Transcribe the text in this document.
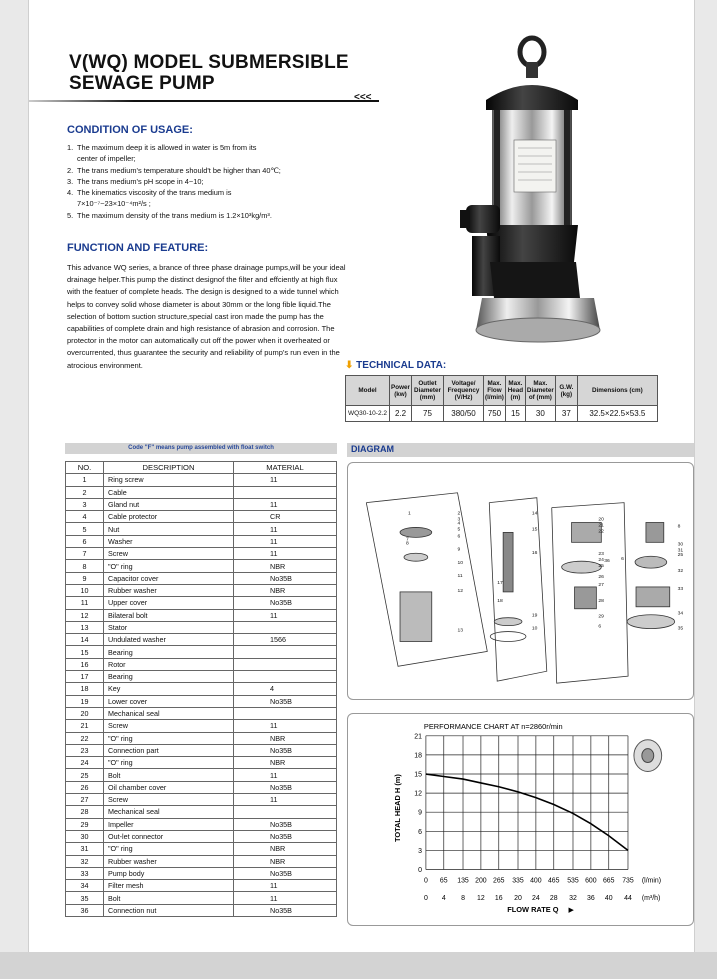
V(WQ) MODEL SUBMERSIBLE
SEWAGE PUMP
<<<
CONDITION OF USAGE:
1. The maximum deep it is allowed in water is 5m from its
center of impeller;
2. The trans medium's temperature should't be higher than 40℃;
3. The trans medium's pH scope in 4~10;
4. The kinematics viscosity of the trans medium is
7×10⁻⁷~23×10⁻⁴m²/s ;
5. The maximum density of the trans medium is 1.2×10³kg/m³.
FUNCTION AND FEATURE:

This advance WQ series, a brance of three phase drainage pumps,will be your ideal drainage helper.This pump the distinct designof the filter and effciently at high flux with the featuer of complete heads. The design is designed to a wide tunnel which helps to convey solid whose diameter is about 30mm or the long fible liquid.The selection of bottom suction structure,special cast iron made the pump has the capabilities of complete drain and high resistance of abrasion and corrosion. The protector in the motor can automatically cut off the power when it overheated or overcurrented, thus guarantee the security and reliability of pump's run even in the atrocious environment.	⬇ TECHNICAL DATA:
Model	Power (kw)	Outlet Diameter (mm)	Voltage/ Frequency (V/Hz)	Max. Flow (l/min)	Max. Head (m)	Max. Diameter of (mm)	G.W. (kg)	Dimensions (cm)
WQ30-10-2.2	2.2	75	380/50	750	15	30	37	32.5×22.5×53.5
Code "F" means pump assembled with float switch
NO.	DESCRIPTION	MATERIAL
1	Ring screw	11
2	Cable	
3	Gland nut	11
4	Cable protector	CR
5	Nut	11
6	Washer	11
7	Screw	11
8	"O" ring	NBR
9	Capacitor cover	No35B
10	Rubber washer	NBR
11	Upper cover	No35B
12	Bilateral bolt	11
13	Stator	
14	Undulated washer	1566
15	Bearing	
16	Rotor	
17	Bearing	
18	Key	4
19	Lower cover	No35B
20	Mechanical seal	
21	Screw	11
22	"O" ring	NBR
23	Connection part	No35B
24	"O" ring	NBR
25	Bolt	11
26	Oil chamber cover	No35B
27	Screw	11
28	Mechanical seal	
29	Impeller	No35B
30	Out-let connector	No35B
31	"O" ring	NBR
32	Rubber washer	NBR
33	Pump body	No35B
34	Filter mesh	11
35	Bolt	11
36	Connection nut	No35B
DIAGRAM
1	2
3
4
5
6
7
8
9
10
11
12
13
14
15
16
17
18
19
10
20
21
22
23
24
25
26
27
28
29
6
8
30
31
25
6
32
36
33
34
35
PERFORMANCE CHART AT n=2860r/min
0
3
6
9
12
15
18
21
0 65 135 200 265 335 400 465 535 600 665 735
0 4 8 12 16 20 24 28 32 36 40 44
TOTAL HEAD H (m)
FLOW RATE Q ▶
(l/min)
(m³/h)
